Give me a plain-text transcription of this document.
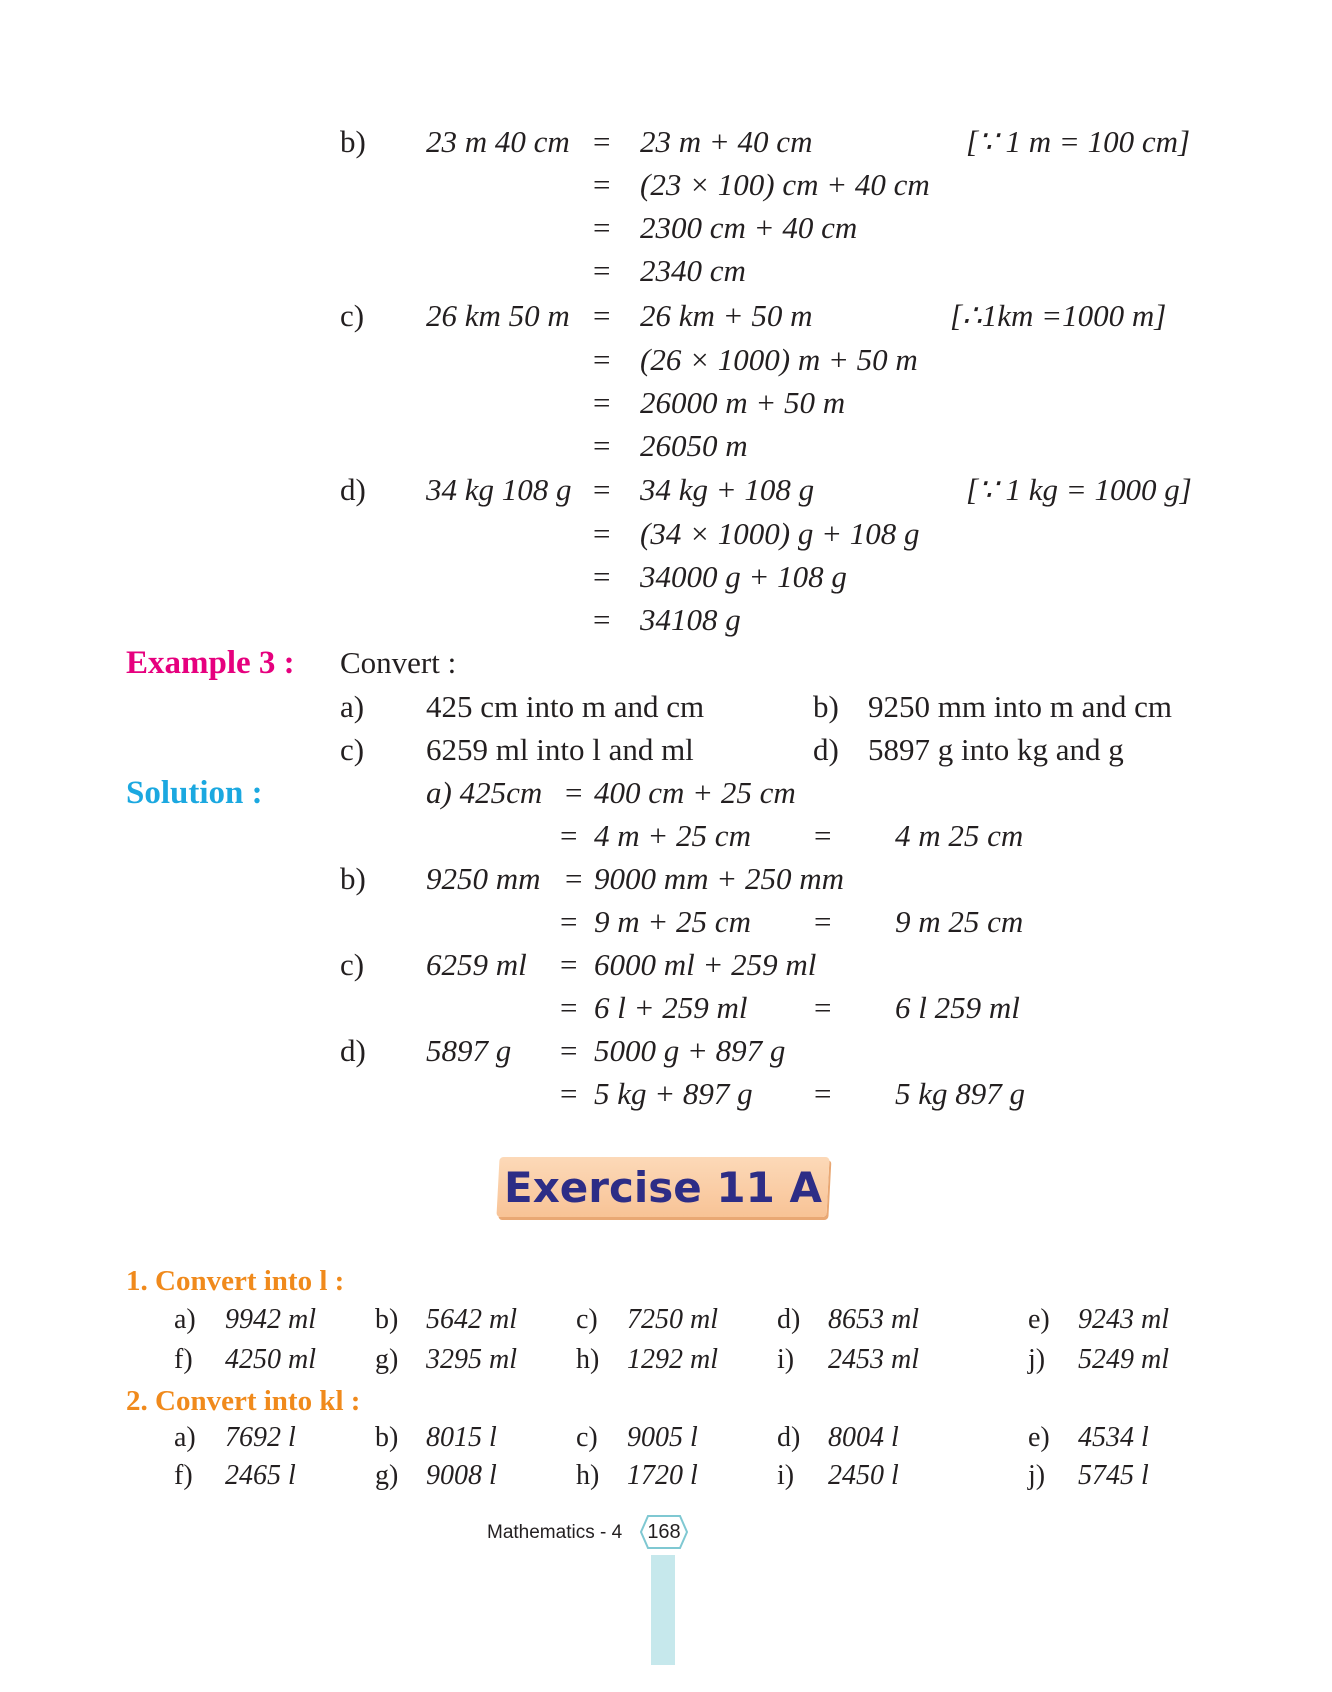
b) 23 m 40 cm = 23 m + 40 cm	[∵ 1 m = 100 cm]
= (23 × 100) cm + 40 cm
= 2300 cm + 40 cm
= 2340 cm
c) 26 km 50 m = 26 km + 50 m	[∴1km =1000 m]
= (26 × 1000) m + 50 m
= 26000 m + 50 m
= 26050 m
d) 34 kg 108 g = 34 kg + 108 g	[∵ 1 kg = 1000 g]
= (34 × 1000) g + 108 g
= 34000 g + 108 g
= 34108 g
Example 3 : Convert :
a) 425 cm into m and cm	b) 9250 mm into m and cm
c) 6259 ml into l and ml	d) 5897 g into kg and g
Solution :	a) 425cm = 400 cm + 25 cm
= 4 m + 25 cm = 4 m 25 cm
b) 9250 mm = 9000 mm + 250 mm
= 9 m + 25 cm = 9 m 25 cm
c) 6259 ml = 6000 ml + 259 ml
= 6 l + 259 ml = 6 l 259 ml
d) 5897 g = 5000 g + 897 g
= 5 kg + 897 g = 5 kg 897 g
Exercise 11 A
1. Convert into l :
a) 9942 ml b) 5642 ml c) 7250 ml d) 8653 ml	e) 9243 ml
f) 4250 ml g) 3295 ml h) 1292 ml i) 2453 ml	j) 5249 ml
2. Convert into kl :
a) 7692 l	b) 8015 l	c) 9005 l	d) 8004 l	e) 4534 l
f) 2465 l	g) 9008 l	h) 1720 l	i) 2450 l	j) 5745 l
Mathematics - 4	168
